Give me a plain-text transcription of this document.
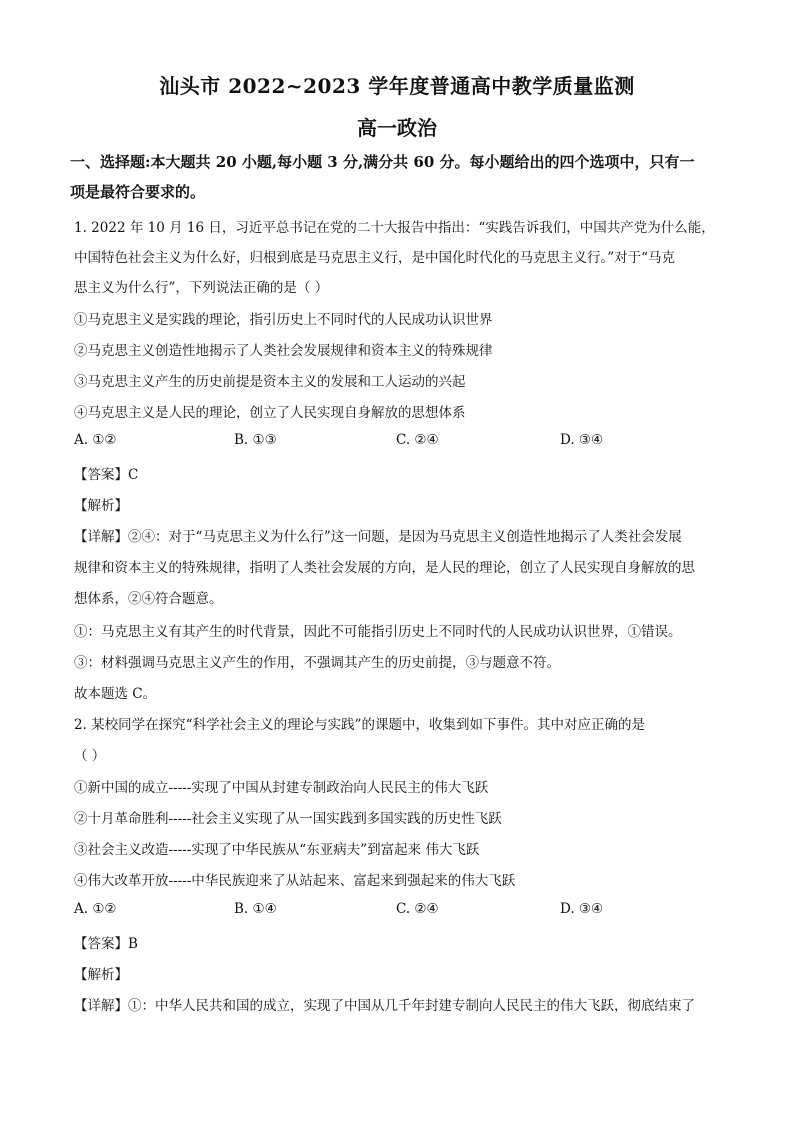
汕头市 2022~2023 学年度普通高中教学质量监测
高一政治
一、选择题:本大题共 20 小题,每小题 3 分,满分共 60 分。每小题给出的四个选项中，只有一
项是最符合要求的。
1. 2022 年 10 月 16 日，习近平总书记在党的二十大报告中指出：“实践告诉我们，中国共产党为什么能，
中国特色社会主义为什么好，归根到底是马克思主义行，是中国化时代化的马克思主义行。”对于“马克
思主义为什么行”，下列说法正确的是（ ）
①马克思主义是实践的理论，指引历史上不同时代的人民成功认识世界
②马克思主义创造性地揭示了人类社会发展规律和资本主义的特殊规律
③马克思主义产生的历史前提是资本主义的发展和工人运动的兴起
④马克思主义是人民的理论，创立了人民实现自身解放的思想体系
A. ①②	B. ①③	C. ②④	D. ③④
【答案】C
【解析】
【详解】②④：对于“马克思主义为什么行”这一问题，是因为马克思主义创造性地揭示了人类社会发展
规律和资本主义的特殊规律，指明了人类社会发展的方向，是人民的理论，创立了人民实现自身解放的思
想体系，②④符合题意。
①：马克思主义有其产生的时代背景，因此不可能指引历史上不同时代的人民成功认识世界，①错误。
③：材料强调马克思主义产生的作用，不强调其产生的历史前提，③与题意不符。
故本题选 C。
2. 某校同学在探究“科学社会主义的理论与实践”的课题中，收集到如下事件。其中对应正确的是
（ ）
①新中国的成立-----实现了中国从封建专制政治向人民民主的伟大飞跃
②十月革命胜利-----社会主义实现了从一国实践到多国实践的历史性飞跃
③社会主义改造-----实现了中华民族从“东亚病夫”到富起来 伟大飞跃
④伟大改革开放-----中华民族迎来了从站起来、富起来到强起来的伟大飞跃
A. ①②	B. ①④	C. ②④	D. ③④
【答案】B
【解析】
【详解】①：中华人民共和国的成立，实现了中国从几千年封建专制向人民民主的伟大飞跃，彻底结束了
